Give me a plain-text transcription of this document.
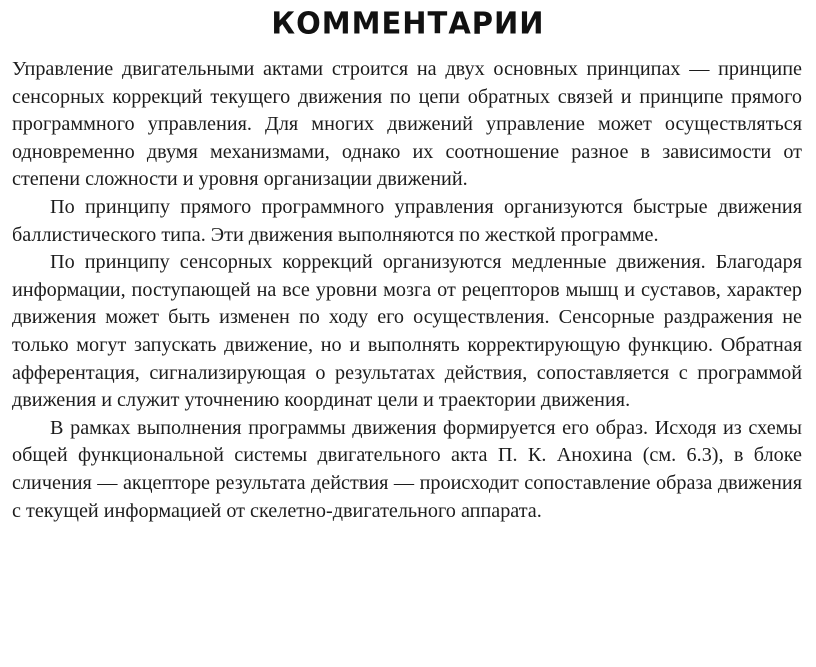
КОММЕНТАРИИ

Управление двигательными актами строится на двух основных принципах — принципе сенсорных коррекций текущего движения по цепи обратных связей и принципе прямого программного управления. Для многих движений управление может осуществляться одновременно двумя механизмами, однако их соотношение разное в зависимости от степени сложности и уровня организации движений.

По принципу прямого программного управления организуются быстрые движения баллистического типа. Эти движения выполняются по жесткой программе.

По принципу сенсорных коррекций организуются медленные движения. Благодаря информации, поступающей на все уровни мозга от рецепторов мышц и суставов, характер движения может быть изменен по ходу его осуществления. Сенсорные раздражения не только могут запускать движение, но и выполнять корректирующую функцию. Обратная афферентация, сигнализирующая о результатах действия, сопоставляется с программой движения и служит уточнению координат цели и траектории движения.

В рамках выполнения программы движения формируется его образ. Исходя из схемы общей функциональной системы двигательного акта П. К. Анохина (см. 6.3), в блоке сличения — акцепторе результата действия — происходит сопоставление образа движения с текущей информацией от скелетно-двигательного аппарата.
